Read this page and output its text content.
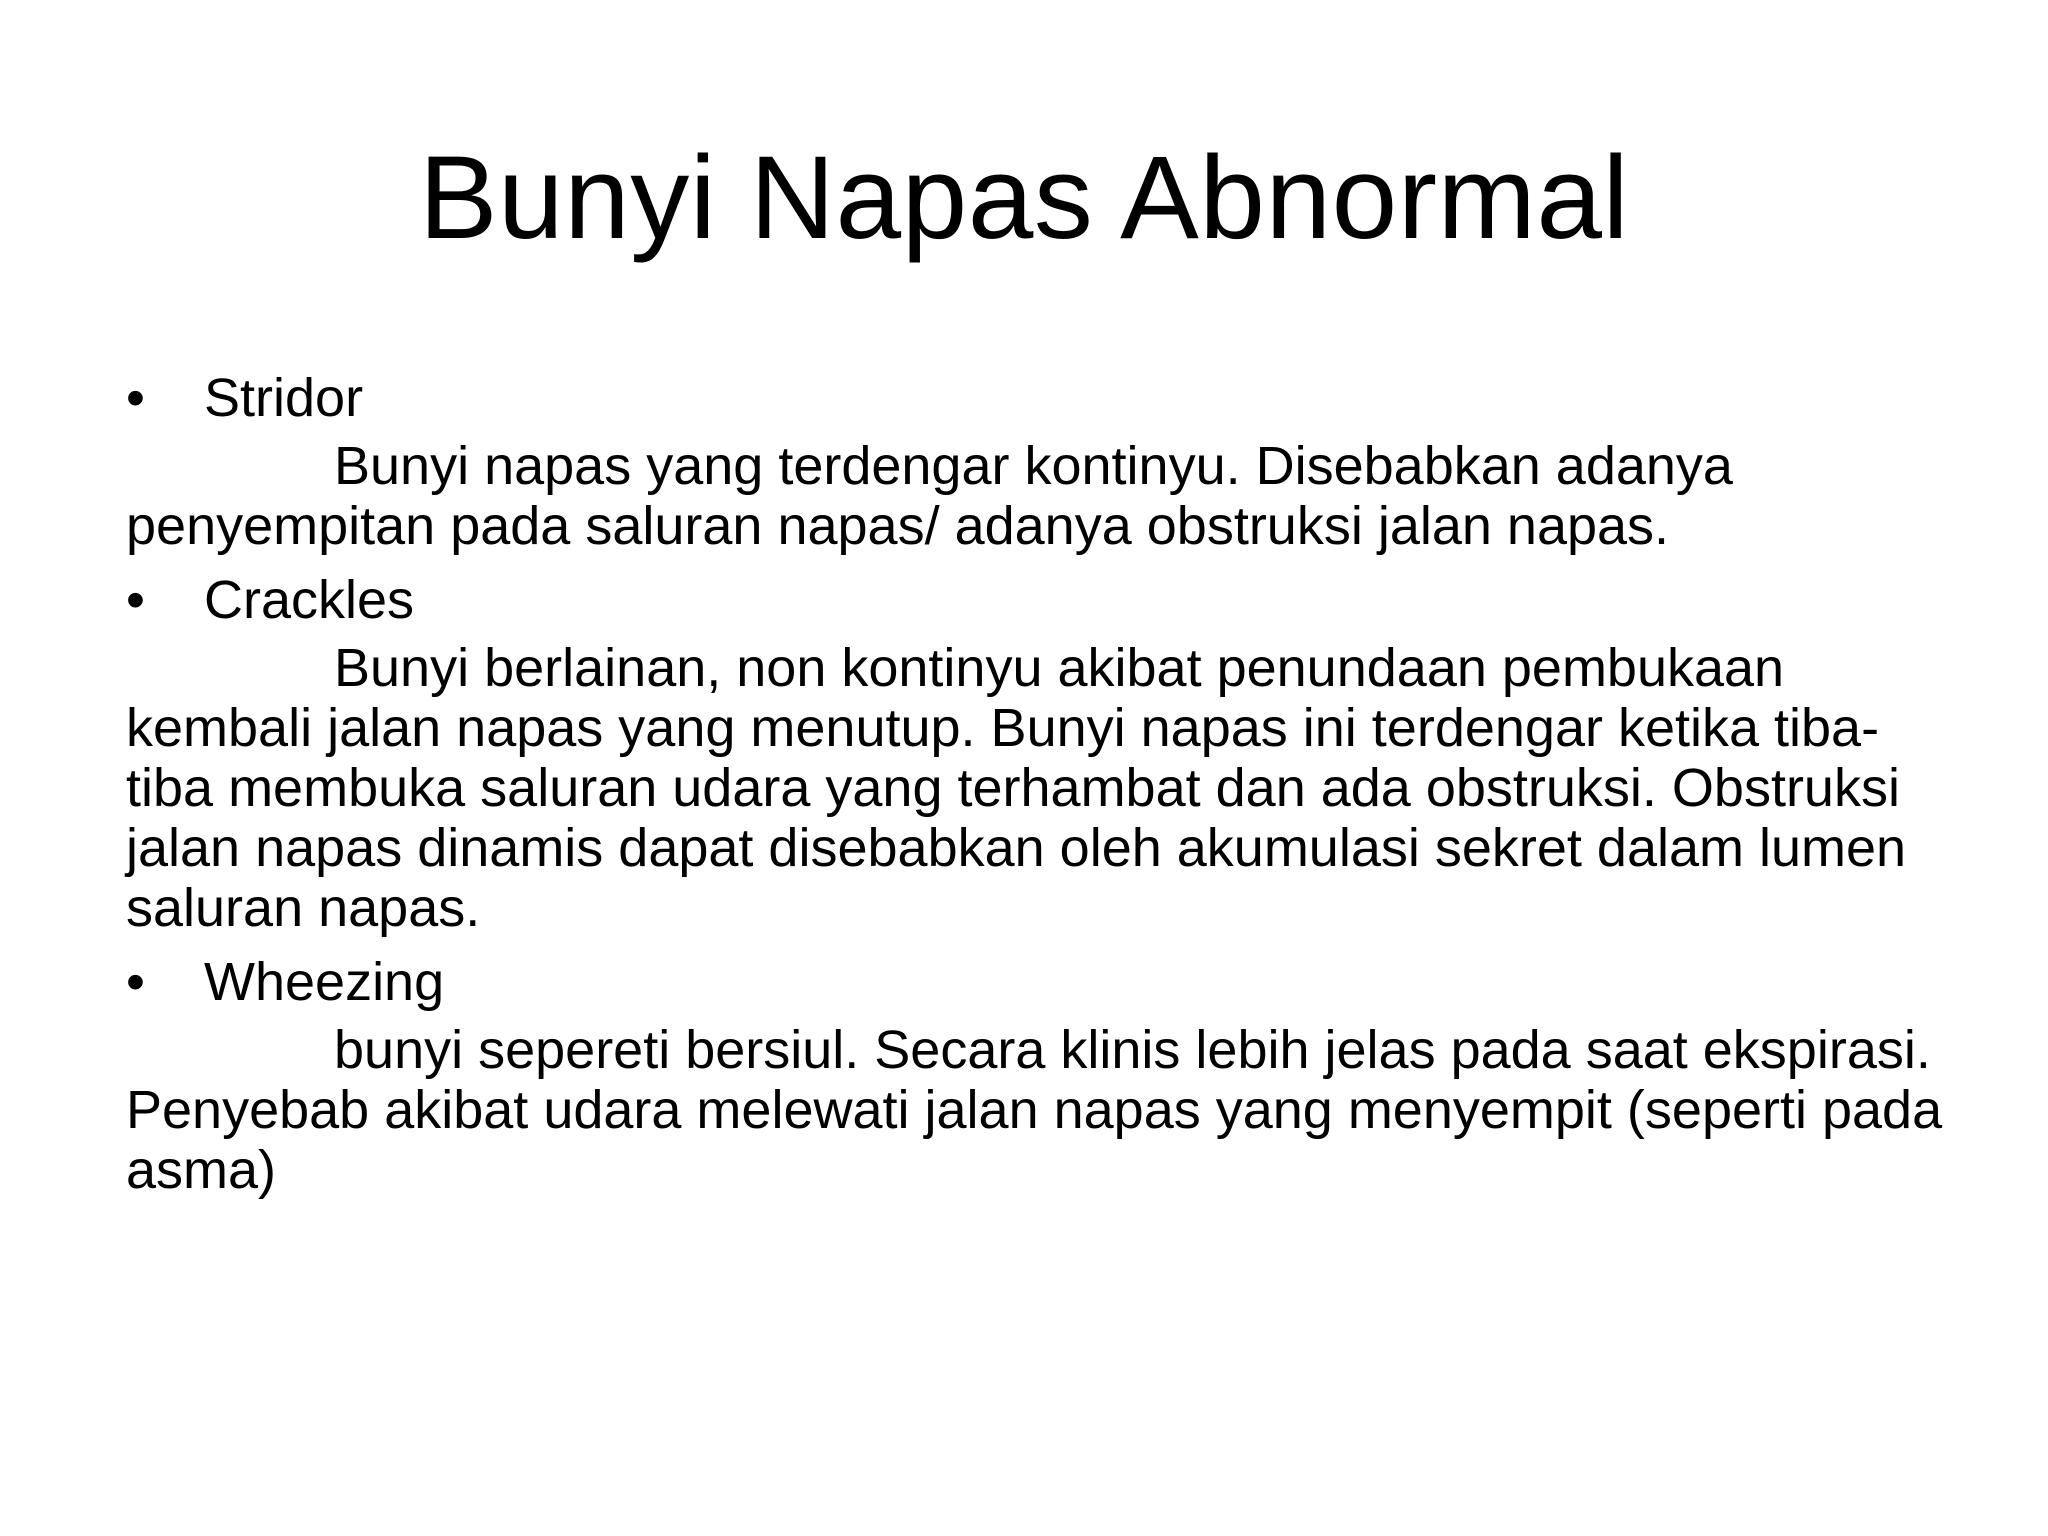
Bunyi Napas Abnormal

• Stridor

Bunyi napas yang terdengar kontinyu. Disebabkan adanya penyempitan pada saluran napas/ adanya obstruksi jalan napas.

• Crackles

Bunyi berlainan, non kontinyu akibat penundaan pembukaan kembali jalan napas yang menutup. Bunyi napas ini terdengar ketika tiba-tiba membuka saluran udara yang terhambat dan ada obstruksi. Obstruksi jalan napas dinamis dapat disebabkan oleh akumulasi sekret dalam lumen saluran napas.

• Wheezing

bunyi sepereti bersiul. Secara klinis lebih jelas pada saat ekspirasi. Penyebab akibat udara melewati jalan napas yang menyempit (seperti pada asma)
